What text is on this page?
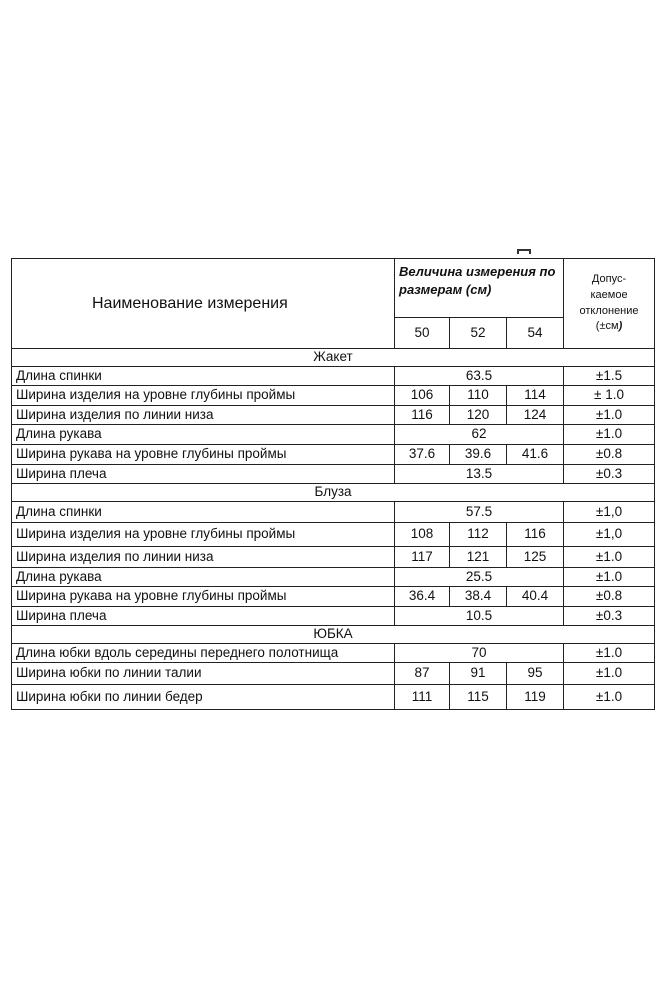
Наименование измерения	Величина измерения по размерам (см)			Допус-
каемое
отклонение
(±см)
	50	52	54	
Жакет				
Длина спинки	63.5			±1.5
Ширина изделия на уровне глубины проймы	106	110	114	± 1.0
Ширина изделия по линии низа	116	120	124	±1.0
Длина рукава	62			±1.0
Ширина рукава на уровне глубины проймы	37.6	39.6	41.6	±0.8
Ширина плеча	13.5			±0.3
Блуза				
Длина спинки	57.5			±1,0
Ширина изделия на уровне глубины проймы	108	112	116	±1,0
Ширина изделия по линии низа	117	121	125	±1.0
Длина рукава	25.5			±1.0
Ширина рукава на уровне глубины проймы	36.4	38.4	40.4	±0.8
Ширина плеча	10.5			±0.3
ЮБКА				
Длина юбки вдоль середины переднего полотнища	70			±1.0
Ширина юбки по линии талии	87	91	95	±1.0
Ширина юбки по линии бедер	111	115	119	±1.0
